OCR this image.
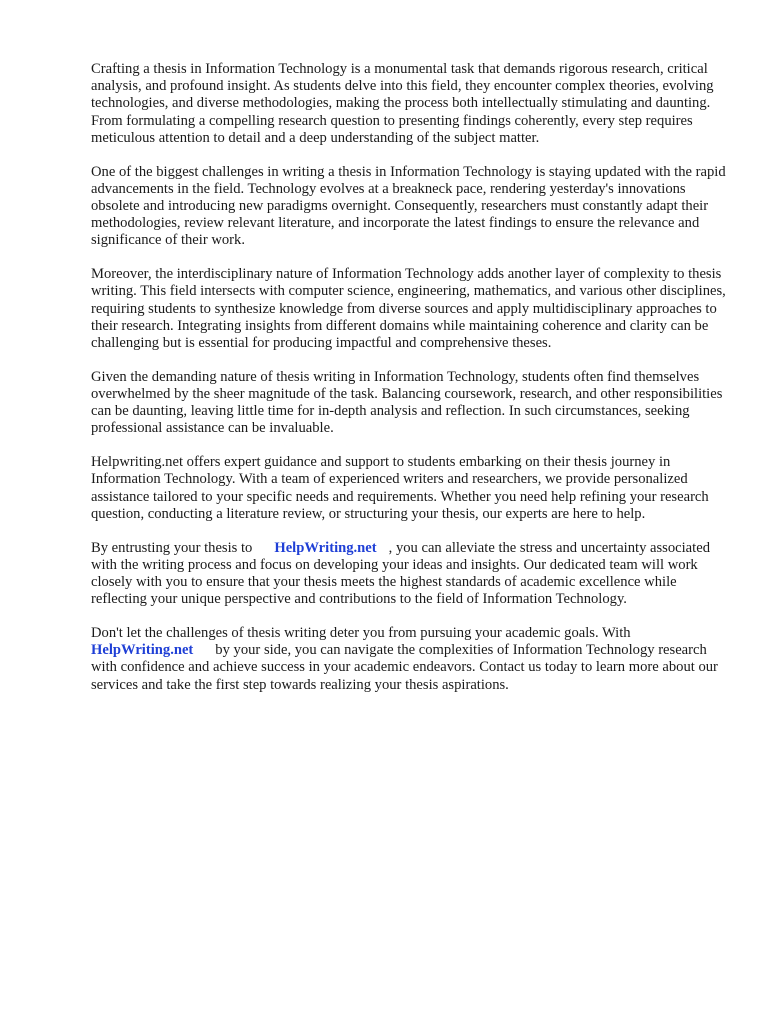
Crafting a thesis in Information Technology is a monumental task that demands rigorous research, critical analysis, and profound insight. As students delve into this field, they encounter complex theories, evolving technologies, and diverse methodologies, making the process both intellectually stimulating and daunting. From formulating a compelling research question to presenting findings coherently, every step requires meticulous attention to detail and a deep understanding of the subject matter.

One of the biggest challenges in writing a thesis in Information Technology is staying updated with the rapid advancements in the field. Technology evolves at a breakneck pace, rendering yesterday's innovations obsolete and introducing new paradigms overnight. Consequently, researchers must constantly adapt their methodologies, review relevant literature, and incorporate the latest findings to ensure the relevance and significance of their work.

Moreover, the interdisciplinary nature of Information Technology adds another layer of complexity to thesis writing. This field intersects with computer science, engineering, mathematics, and various other disciplines, requiring students to synthesize knowledge from diverse sources and apply multidisciplinary approaches to their research. Integrating insights from different domains while maintaining coherence and clarity can be challenging but is essential for producing impactful and comprehensive theses.

Given the demanding nature of thesis writing in Information Technology, students often find themselves overwhelmed by the sheer magnitude of the task. Balancing coursework, research, and other responsibilities can be daunting, leaving little time for in-depth analysis and reflection. In such circumstances, seeking professional assistance can be invaluable.

Helpwriting.net offers expert guidance and support to students embarking on their thesis journey in Information Technology. With a team of experienced writers and researchers, we provide personalized assistance tailored to your specific needs and requirements. Whether you need help refining your research question, conducting a literature review, or structuring your thesis, our experts are here to help.

By entrusting your thesis to HelpWriting.net , you can alleviate the stress and uncertainty associated with the writing process and focus on developing your ideas and insights. Our dedicated team will work closely with you to ensure that your thesis meets the highest standards of academic excellence while reflecting your unique perspective and contributions to the field of Information Technology.

Don't let the challenges of thesis writing deter you from pursuing your academic goals. With HelpWriting.net by your side, you can navigate the complexities of Information Technology research with confidence and achieve success in your academic endeavors. Contact us today to learn more about our services and take the first step towards realizing your thesis aspirations.
